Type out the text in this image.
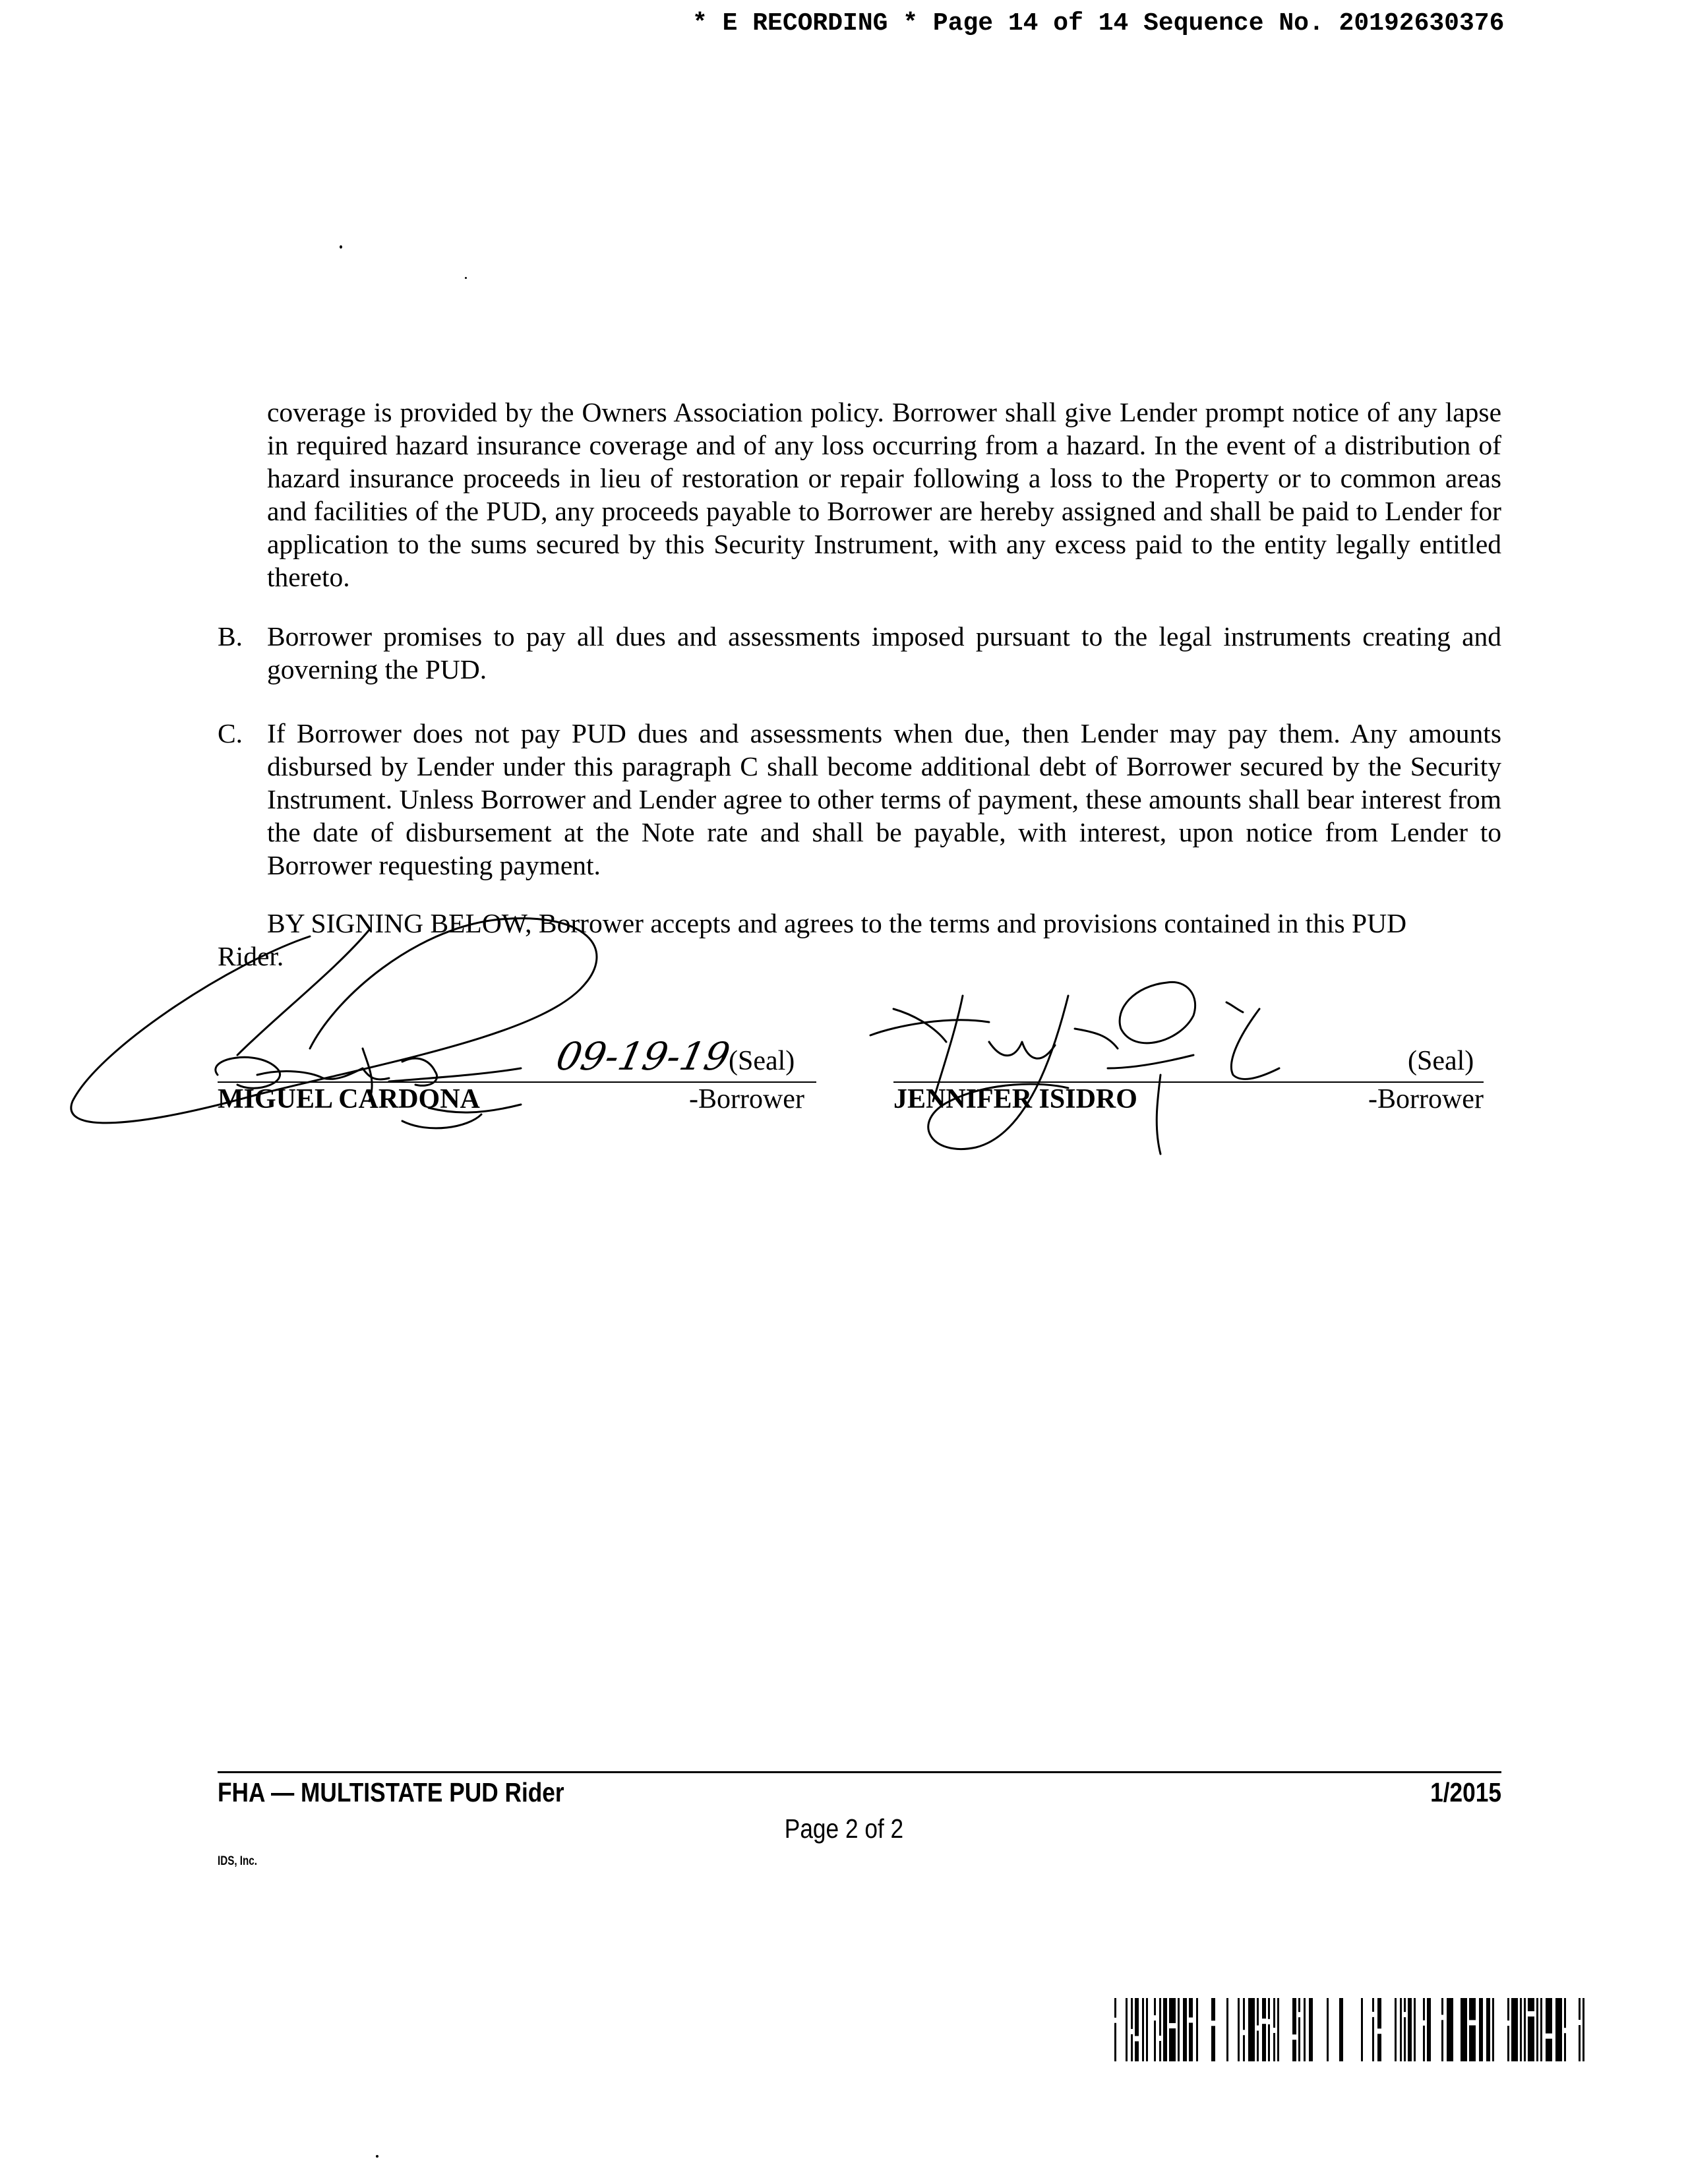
* E RECORDING * Page 14 of 14 Sequence No. 20192630376
coverage is provided by the Owners Association policy. Borrower shall give Lender prompt notice of any lapse in required hazard insurance coverage and of any loss occurring from a hazard. In the event of a distribution of hazard insurance proceeds in lieu of restoration or repair following a loss to the Property or to common areas and facilities of the PUD, any proceeds payable to Borrower are hereby assigned and shall be paid to Lender for application to the sums secured by this Security Instrument, with any excess paid to the entity legally entitled thereto.
B. Borrower promises to pay all dues and assessments imposed pursuant to the legal instruments creating and governing the PUD.
C. If Borrower does not pay PUD dues and assessments when due, then Lender may pay them. Any amounts disbursed by Lender under this paragraph C shall become additional debt of Borrower secured by the Security Instrument. Unless Borrower and Lender agree to other terms of payment, these amounts shall bear interest from the date of disbursement at the Note rate and shall be payable, with interest, upon notice from Lender to Borrower requesting payment.
BY SIGNING BELOW, Borrower accepts and agrees to the terms and provisions contained in this PUD
Rider.
09-19-19
(Seal)
MIGUEL CARDONA	-Borrower
(Seal)
JENNIFER ISIDRO	-Borrower
FHA — MULTISTATE PUD Rider	1/2015
Page 2 of 2
IDS, Inc.
